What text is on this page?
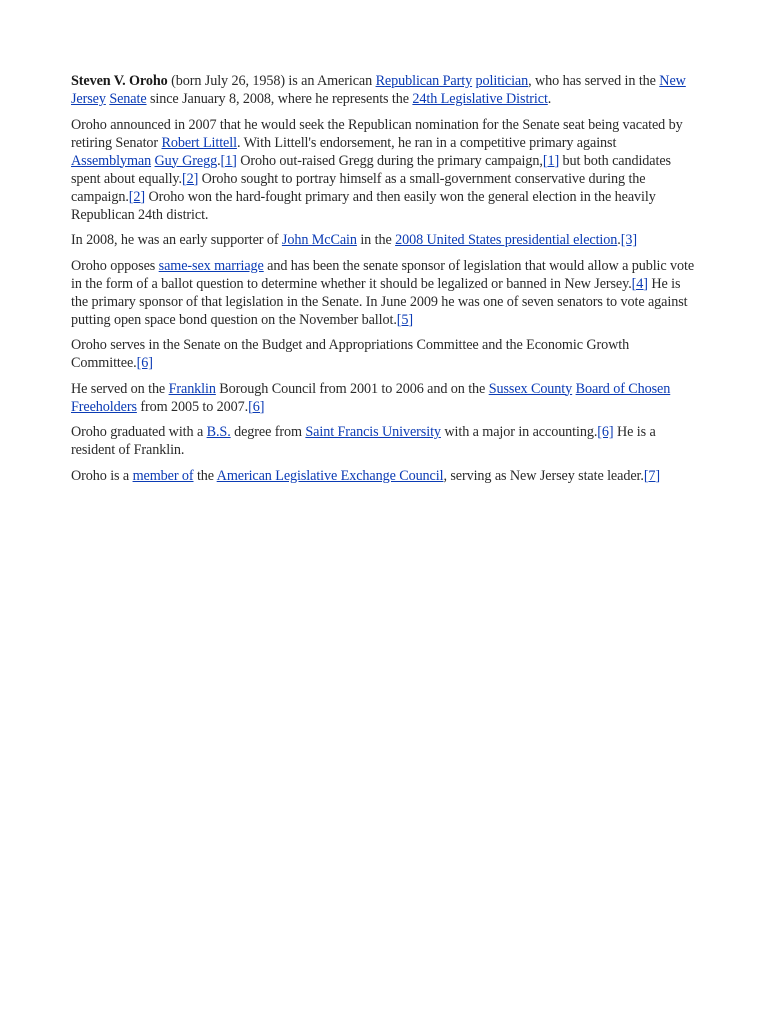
Steven V. Oroho (born July 26, 1958) is an American Republican Party politician, who has served in the New Jersey Senate since January 8, 2008, where he represents the 24th Legislative District.

Oroho announced in 2007 that he would seek the Republican nomination for the Senate seat being vacated by retiring Senator Robert Littell. With Littell's endorsement, he ran in a competitive primary against Assemblyman Guy Gregg.[1] Oroho out-raised Gregg during the primary campaign,[1] but both candidates spent about equally.[2] Oroho sought to portray himself as a small-government conservative during the campaign.[2] Oroho won the hard-fought primary and then easily won the general election in the heavily Republican 24th district.

In 2008, he was an early supporter of John McCain in the 2008 United States presidential election.[3]

Oroho opposes same-sex marriage and has been the senate sponsor of legislation that would allow a public vote in the form of a ballot question to determine whether it should be legalized or banned in New Jersey.[4] He is the primary sponsor of that legislation in the Senate. In June 2009 he was one of seven senators to vote against putting open space bond question on the November ballot.[5]

Oroho serves in the Senate on the Budget and Appropriations Committee and the Economic Growth Committee.[6]

He served on the Franklin Borough Council from 2001 to 2006 and on the Sussex County Board of Chosen Freeholders from 2005 to 2007.[6]

Oroho graduated with a B.S. degree from Saint Francis University with a major in accounting.[6] He is a resident of Franklin.

Oroho is a member of the American Legislative Exchange Council, serving as New Jersey state leader.[7]
